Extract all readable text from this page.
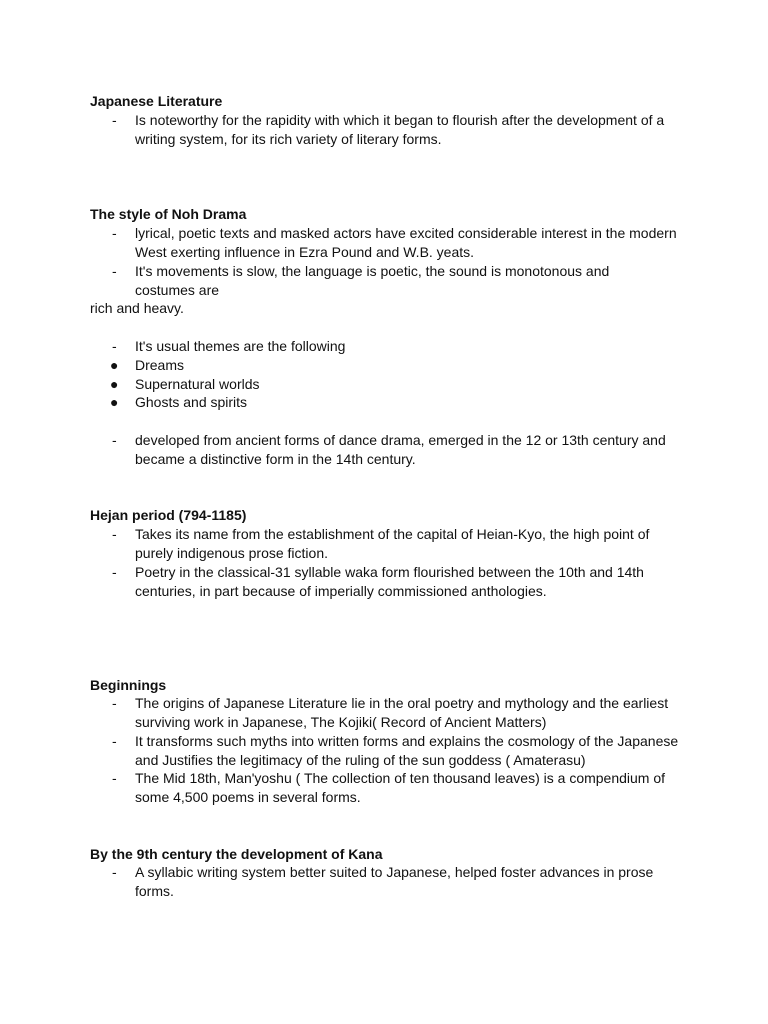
Japanese Literature
-	Is noteworthy for the rapidity with which it began to flourish after the development of a writing system, for its rich variety of literary forms.
The style of Noh Drama
-	lyrical, poetic texts and masked actors have excited considerable interest in the modern West exerting influence in Ezra Pound and W.B. yeats.
-	It's movements is slow, the language is poetic, the sound is monotonous and costumes are
rich and heavy.
-	It's usual themes are the following
●	Dreams
●	Supernatural worlds
●	Ghosts and spirits
-	developed from ancient forms of dance drama, emerged in the 12 or 13th century and became a distinctive form in the 14th century.
Hejan period (794-1185)
-	Takes its name from the establishment of the capital of Heian-Kyo, the high point of purely indigenous prose fiction.
-	Poetry in the classical-31 syllable waka form flourished between the 10th and 14th centuries, in part because of imperially commissioned anthologies.
Beginnings
-	The origins of Japanese Literature lie in the oral poetry and mythology and the earliest surviving work in Japanese, The Kojiki( Record of Ancient Matters)
-	It transforms such myths into written forms and explains the cosmology of the Japanese and Justifies the legitimacy of the ruling of the sun goddess ( Amaterasu)
-	The Mid 18th, Man'yoshu ( The collection of ten thousand leaves) is a compendium of some 4,500 poems in several forms.
By the 9th century the development of Kana
-	A syllabic writing system better suited to Japanese, helped foster advances in prose forms.
